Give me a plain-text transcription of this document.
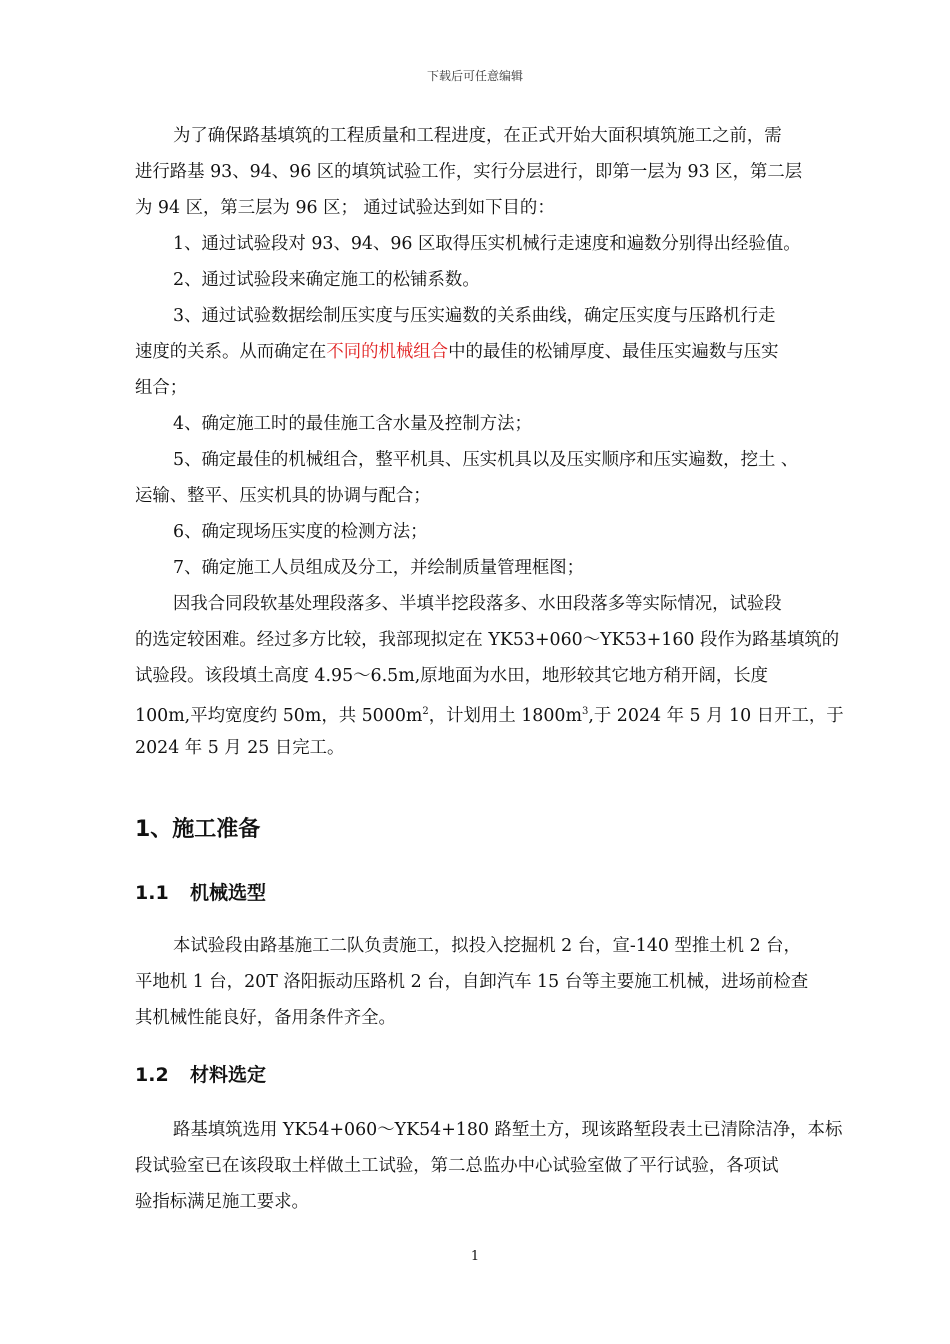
下载后可任意编辑

为了确保路基填筑的工程质量和工程进度，在正式开始大面积填筑施工之前，需

进行路基 93、94、96 区的填筑试验工作，实行分层进行，即第一层为 93 区，第二层

为 94 区，第三层为 96 区； 通过试验达到如下目的：

1、通过试验段对 93、94、96 区取得压实机械行走速度和遍数分别得出经验值。

2、通过试验段来确定施工的松铺系数。

3、通过试验数据绘制压实度与压实遍数的关系曲线，确定压实度与压路机行走

速度的关系。从而确定在不同的机械组合中的最佳的松铺厚度、最佳压实遍数与压实

组合；

4、确定施工时的最佳施工含水量及控制方法；

5、确定最佳的机械组合，整平机具、压实机具以及压实顺序和压实遍数，挖土 、

运输、整平、压实机具的协调与配合；

6、确定现场压实度的检测方法；

7、确定施工人员组成及分工，并绘制质量管理框图；

因我合同段软基处理段落多、半填半挖段落多、水田段落多等实际情况，试验段

的选定较困难。经过多方比较，我部现拟定在 YK53+060～YK53+160 段作为路基填筑的

试验段。该段填土高度 4.95～6.5m,原地面为水田，地形较其它地方稍开阔，长度

100m,平均宽度约 50m，共 $5000m^2$，计划用土 $1800m^3$,于 2024 年 5 月 10 日开工，于

2024 年 5 月 25 日完工。

1、施工准备
1.1 机械选型

本试验段由路基施工二队负责施工，拟投入挖掘机 2 台，宣-140 型推土机 2 台，

平地机 1 台，20T 洛阳振动压路机 2 台，自卸汽车 15 台等主要施工机械，进场前检查

其机械性能良好，备用条件齐全。

1.2 材料选定

路基填筑选用 YK54+060～YK54+180 路堑土方，现该路堑段表土已清除洁净，本标

段试验室已在该段取土样做土工试验，第二总监办中心试验室做了平行试验，各项试

验指标满足施工要求。

1
